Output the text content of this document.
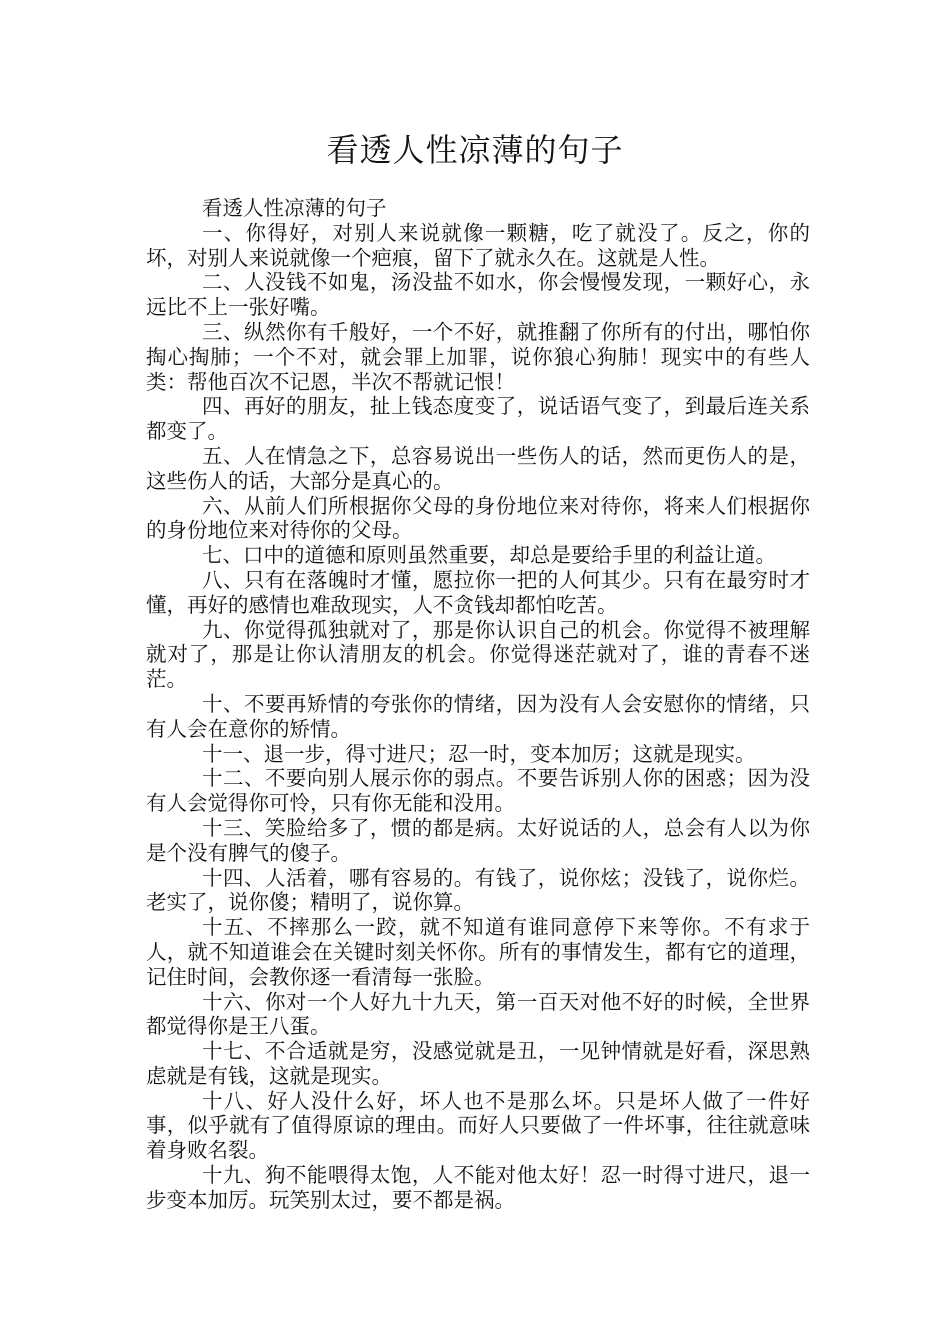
看透人性凉薄的句子

看透人性凉薄的句子

一、你得好，对别人来说就像一颗糖，吃了就没了。反之，你的坏，对别人来说就像一个疤痕，留下了就永久在。这就是人性。

二、人没钱不如鬼，汤没盐不如水，你会慢慢发现，一颗好心，永远比不上一张好嘴。

三、纵然你有千般好，一个不好，就推翻了你所有的付出，哪怕你掏心掏肺；一个不对，就会罪上加罪，说你狼心狗肺！现实中的有些人类：帮他百次不记恩，半次不帮就记恨！

四、再好的朋友，扯上钱态度变了，说话语气变了，到最后连关系都变了。

五、人在情急之下，总容易说出一些伤人的话，然而更伤人的是，这些伤人的话，大部分是真心的。

六、从前人们所根据你父母的身份地位来对待你，将来人们根据你的身份地位来对待你的父母。

七、口中的道德和原则虽然重要，却总是要给手里的利益让道。

八、只有在落魄时才懂，愿拉你一把的人何其少。只有在最穷时才懂，再好的感情也难敌现实，人不贪钱却都怕吃苦。

九、你觉得孤独就对了，那是你认识自己的机会。你觉得不被理解就对了，那是让你认清朋友的机会。你觉得迷茫就对了，谁的青春不迷茫。

十、不要再矫情的夸张你的情绪，因为没有人会安慰你的情绪，只有人会在意你的矫情。

十一、退一步，得寸进尺；忍一时，变本加厉；这就是现实。

十二、不要向别人展示你的弱点。不要告诉别人你的困惑；因为没有人会觉得你可怜，只有你无能和没用。

十三、笑脸给多了，惯的都是病。太好说话的人，总会有人以为你是个没有脾气的傻子。

十四、人活着，哪有容易的。有钱了，说你炫；没钱了，说你烂。老实了，说你傻；精明了，说你算。

十五、不摔那么一跤，就不知道有谁同意停下来等你。不有求于人，就不知道谁会在关键时刻关怀你。所有的事情发生，都有它的道理，记住时间，会教你逐一看清每一张脸。

十六、你对一个人好九十九天，第一百天对他不好的时候，全世界都觉得你是王八蛋。

十七、不合适就是穷，没感觉就是丑，一见钟情就是好看，深思熟虑就是有钱，这就是现实。

十八、好人没什么好，坏人也不是那么坏。只是坏人做了一件好事，似乎就有了值得原谅的理由。而好人只要做了一件坏事，往往就意味着身败名裂。

十九、狗不能喂得太饱，人不能对他太好！忍一时得寸进尺，退一步变本加厉。玩笑别太过，要不都是祸。
